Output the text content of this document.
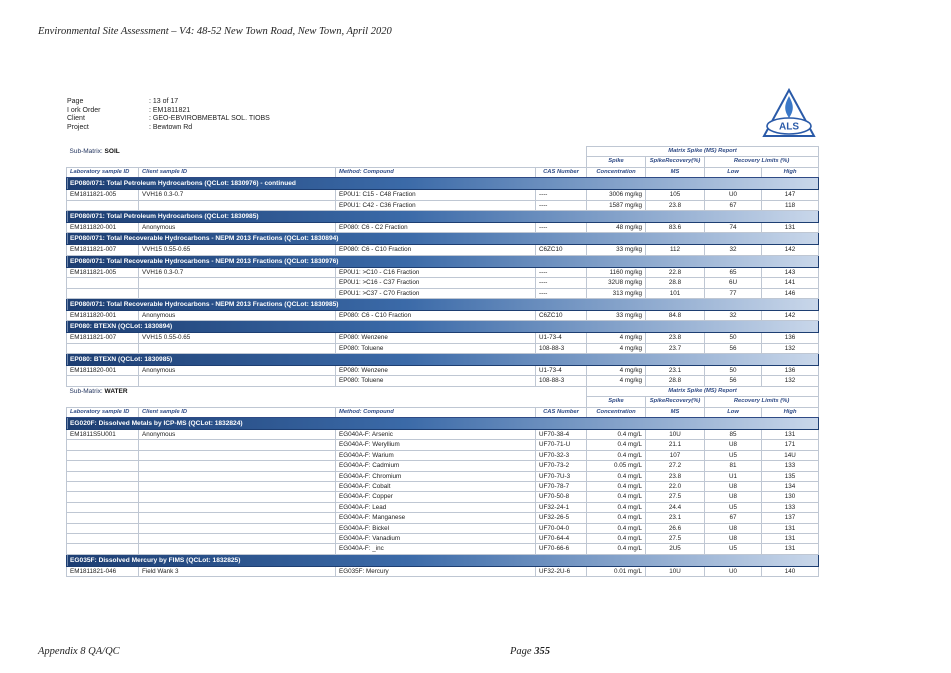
Environmental Site Assessment – V4: 48-52 New Town Road, New Town, April 2020
Page	: 13 of 17
I ork Order	: EM1811821
Client	: GEO-EBVIROBMEBTAL SOL. TIOBS
Project	: Bewtown Rd	ALS
Sub-Matrix: SOIL				Matrix Spike (MS) Report			
				Spike	SpikeRecovery(%)	Recovery Limits (%)	
Laboratory sample ID	Client sample ID	Method: Compound	CAS Number	Concentration	MS	Low	High
EP080/071: Total Petroleum Hydrocarbons (QCLot: 1830976) - continued							
EM1811821-005	VVH16 0.3-0.7	EP0U1: C15 - C48 Fraction	----	3006 mg/kg	105	U0	147
		EP0U1: C42 - C36 Fraction	----	1587 mg/kg	23.8	67	118
EP080/071: Total Petroleum Hydrocarbons (QCLot: 1830985)							
EM1811820-001	Anonymous	EP080: C6 - C2 Fraction	----	48 mg/kg	83.6	74	131
EP080/071: Total Recoverable Hydrocarbons - NEPM 2013 Fractions (QCLot: 1830894)							
EM1811821-007	VVH15 0.55-0.65	EP080: C6 - C10 Fraction	C6ZC10	33 mg/kg	112	32	142
EP080/071: Total Recoverable Hydrocarbons - NEPM 2013 Fractions (QCLot: 1830976)							
EM1811821-005	VVH16 0.3-0.7	EP0U1: >C10 - C16 Fraction	----	1160 mg/kg	22.8	65	143
		EP0U1: >C16 - C37 Fraction	----	32U8 mg/kg	28.8	6U	141
		EP0U1: >C37 - C70 Fraction	----	313 mg/kg	101	77	146
EP080/071: Total Recoverable Hydrocarbons - NEPM 2013 Fractions (QCLot: 1830985)							
EM1811820-001	Anonymous	EP080: C6 - C10 Fraction	C6ZC10	33 mg/kg	84.8	32	142
EP080: BTEXN (QCLot: 1830894)							
EM1811821-007	VVH15 0.55-0.65	EP080: Wenzene	U1-73-4	4 mg/kg	23.8	50	136
		EP080: Toluene	108-88-3	4 mg/kg	23.7	56	132
EP080: BTEXN (QCLot: 1830985)							
EM1811820-001	Anonymous	EP080: Wenzene	U1-73-4	4 mg/kg	23.1	50	136
		EP080: Toluene	108-88-3	4 mg/kg	28.8	56	132
Sub-Matrix: WATER				Matrix Spike (MS) Report			
				Spike	SpikeRecovery(%)	Recovery Limits (%)	
Laboratory sample ID	Client sample ID	Method: Compound	CAS Number	Concentration	MS	Low	High
EG020F: Dissolved Metals by ICP-MS (QCLot: 1832824)							
EM1811S5U001	Anonymous	EG040A-F: Arsenic	UF70-38-4	0.4 mg/L	10U	85	131
		EG040A-F: Weryllium	UF70-71-U	0.4 mg/L	21.1	U8	171
		EG040A-F: Warium	UF70-32-3	0.4 mg/L	107	U5	14U
		EG040A-F: Cadmium	UF70-73-2	0.05 mg/L	27.2	81	133
		EG040A-F: Chromium	UF70-7U-3	0.4 mg/L	23.8	U1	135
		EG040A-F: Cobalt	UF70-78-7	0.4 mg/L	22.0	U8	134
		EG040A-F: Copper	UF70-50-8	0.4 mg/L	27.5	U8	130
		EG040A-F: Lead	UF32-24-1	0.4 mg/L	24.4	U5	133
		EG040A-F: Manganese	UF32-26-5	0.4 mg/L	23.1	67	137
		EG040A-F: Bickel	UF70-04-0	0.4 mg/L	26.6	U8	131
		EG040A-F: Vanadium	UF70-64-4	0.4 mg/L	27.5	U8	131
		EG040A-F: _inc	UF70-66-6	0.4 mg/L	2U5	U5	131
EG035F: Dissolved Mercury by FIMS (QCLot: 1832825)							
EM1811821-046	Field Wank 3	EG035F: Mercury	UF32-2U-6	0.01 mg/L	10U	U0	140
Appendix 8 QA/QC	Page 355
